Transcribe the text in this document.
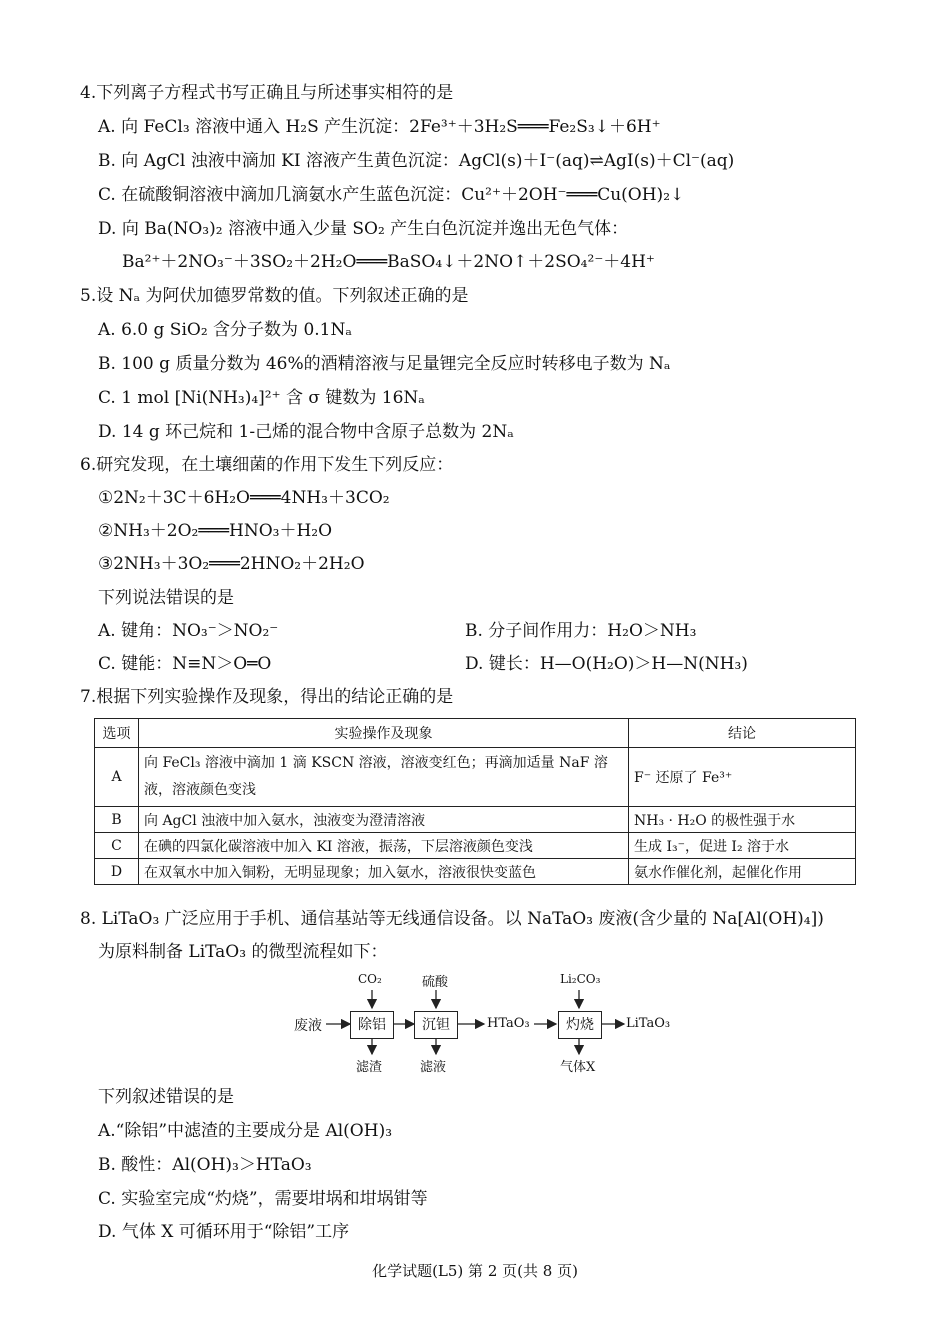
4.下列离子方程式书写正确且与所述事实相符的是
A. 向 FeCl₃ 溶液中通入 H₂S 产生沉淀：2Fe³⁺＋3H₂S═══Fe₂S₃↓＋6H⁺
B. 向 AgCl 浊液中滴加 KI 溶液产生黄色沉淀：AgCl(s)＋I⁻(aq)⇌AgI(s)＋Cl⁻(aq)
C. 在硫酸铜溶液中滴加几滴氨水产生蓝色沉淀：Cu²⁺＋2OH⁻═══Cu(OH)₂↓
D. 向 Ba(NO₃)₂ 溶液中通入少量 SO₂ 产生白色沉淀并逸出无色气体：
Ba²⁺＋2NO₃⁻＋3SO₂＋2H₂O═══BaSO₄↓＋2NO↑＋2SO₄²⁻＋4H⁺
5.设 Nₐ 为阿伏加德罗常数的值。下列叙述正确的是
A. 6.0 g SiO₂ 含分子数为 0.1Nₐ
B. 100 g 质量分数为 46%的酒精溶液与足量锂完全反应时转移电子数为 Nₐ
C. 1 mol [Ni(NH₃)₄]²⁺ 含 σ 键数为 16Nₐ
D. 14 g 环己烷和 1-己烯的混合物中含原子总数为 2Nₐ
6.研究发现，在土壤细菌的作用下发生下列反应：
①2N₂＋3C＋6H₂O═══4NH₃＋3CO₂
②NH₃＋2O₂═══HNO₃＋H₂O
③2NH₃＋3O₂═══2HNO₂＋2H₂O
下列说法错误的是
A. 键角：NO₃⁻＞NO₂⁻	B. 分子间作用力：H₂O＞NH₃
C. 键能：N≡N＞O═O	D. 键长：H—O(H₂O)＞H—N(NH₃)
7.根据下列实验操作及现象，得出的结论正确的是
选项	实验操作及现象	结论
A	向 FeCl₃ 溶液中滴加 1 滴 KSCN 溶液，溶液变红色；再滴加适量 NaF 溶液，溶液颜色变浅	F⁻ 还原了 Fe³⁺
B	向 AgCl 浊液中加入氨水，浊液变为澄清溶液	NH₃ · H₂O 的极性强于水
C	在碘的四氯化碳溶液中加入 KI 溶液，振荡，下层溶液颜色变浅	生成 I₃⁻，促进 I₂ 溶于水
D	在双氧水中加入铜粉，无明显现象；加入氨水，溶液很快变蓝色	氨水作催化剂，起催化作用
8. LiTaO₃ 广泛应用于手机、通信基站等无线通信设备。以 NaTaO₃ 废液(含少量的 Na[Al(OH)₄])
为原料制备 LiTaO₃ 的微型流程如下：
废液	除铝	沉钽	HTaO₃	灼烧	LiTaO₃
CO₂	硫酸	Li₂CO₃
滤渣	滤液	气体X
下列叙述错误的是
A.“除铝”中滤渣的主要成分是 Al(OH)₃
B. 酸性：Al(OH)₃＞HTaO₃
C. 实验室完成“灼烧”，需要坩埚和坩埚钳等
D. 气体 X 可循环用于“除铝”工序
化学试题(L5) 第 2 页(共 8 页)
